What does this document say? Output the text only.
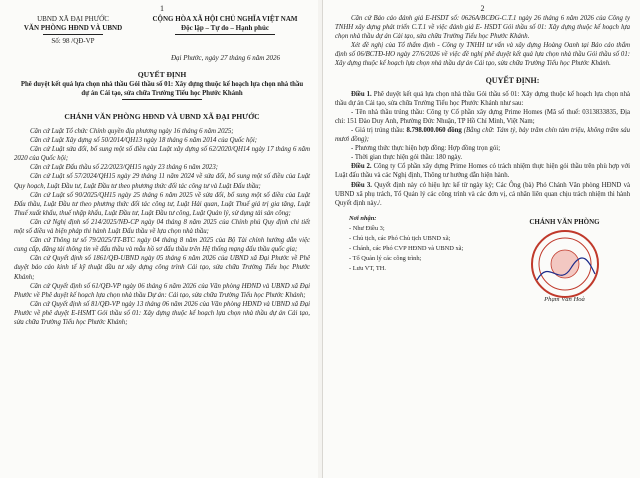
1
UBND XÃ ĐẠI PHƯỚC
VĂN PHÒNG HĐND VÀ UBND
Số: 98 /QĐ-VP
CỘNG HÒA XÃ HỘI CHỦ NGHĨA VIỆT NAM
Độc lập – Tự do – Hạnh phúc
Đại Phước, ngày 27 tháng 6 năm 2026
QUYẾT ĐỊNH
Phê duyệt kết quả lựa chọn nhà thầu Gói thầu số 01: Xây dựng thuộc kế hoạch lựa chọn nhà thầu dự án Cải tạo, sửa chữa Trường Tiểu học Phước Khánh
CHÁNH VĂN PHÒNG HĐND VÀ UBND XÃ ĐẠI PHƯỚC

Căn cứ Luật Tổ chức Chính quyền địa phương ngày 16 tháng 6 năm 2025;

Căn cứ Luật Xây dựng số 50/2014/QH13 ngày 18 tháng 6 năm 2014 của Quốc hội;

Căn cứ Luật sửa đổi, bổ sung một số điều của Luật xây dựng số 62/2020/QH14 ngày 17 tháng 6 năm 2020 của Quốc hội;

Căn cứ Luật Đấu thầu số 22/2023/QH15 ngày 23 tháng 6 năm 2023;

Căn cứ Luật số 57/2024/QH15 ngày 29 tháng 11 năm 2024 về sửa đổi, bổ sung một số điều của Luật Quy hoạch, Luật Đầu tư, Luật Đầu tư theo phương thức đối tác công tư và Luật Đấu thầu;

Căn cứ Luật số 90/2025/QH15 ngày 25 tháng 6 năm 2025 về sửa đổi, bổ sung một số điều của Luật Đấu thầu, Luật Đầu tư theo phương thức đối tác công tư, Luật Hải quan, Luật Thuế giá trị gia tăng, Luật Thuế xuất khẩu, thuế nhập khẩu, Luật Đầu tư, Luật Đầu tư công, Luật Quản lý, sử dụng tài sản công;

Căn cứ Nghị định số 214/2025/NĐ-CP ngày 04 tháng 8 năm 2025 của Chính phủ Quy định chi tiết một số điều và biện pháp thi hành Luật Đấu thầu về lựa chọn nhà thầu;

Căn cứ Thông tư số 79/2025/TT-BTC ngày 04 tháng 8 năm 2025 của Bộ Tài chính hướng dẫn việc cung cấp, đăng tải thông tin về đấu thầu và mẫu hồ sơ đấu thầu trên Hệ thống mạng đấu thầu quốc gia;

Căn cứ Quyết định số 1861/QĐ-UBND ngày 05 tháng 6 năm 2026 của UBND xã Đại Phước về Phê duyệt báo cáo kinh tế kỹ thuật đầu tư xây dựng công trình Cải tạo, sửa chữa Trường Tiểu học Phước Khánh;

Căn cứ Quyết định số 61/QĐ-VP ngày 06 tháng 6 năm 2026 của Văn phòng HĐND và UBND xã Đại Phước về Phê duyệt kế hoạch lựa chọn nhà thầu Dự án: Cải tạo, sửa chữa Trường Tiểu học Phước Khánh;

Căn cứ Quyết định số 81/QĐ-VP ngày 13 tháng 06 năm 2026 của Văn phòng HĐND và UBND xã Đại Phước về phê duyệt E-HSMT Gói thầu số 01: Xây dựng thuộc kế hoạch lựa chọn nhà thầu dự án Cải tạo, sửa chữa Trường Tiểu học Phước Khánh;

2

Căn cứ Báo cáo đánh giá E-HSDT số: 0626A/BCĐG-C.T.1 ngày 26 tháng 6 năm 2026 của Công ty TNHH xây dựng phát triển C.T.1 về việc đánh giá E- HSDT Gói thầu số 01: Xây dựng thuộc kế hoạch lựa chọn nhà thầu dự án Cải tạo, sửa chữa Trường Tiểu học Phước Khánh.

Xét đề nghị của Tổ thẩm định - Công ty TNHH tư vấn và xây dựng Hoàng Oanh tại Báo cáo thẩm định số 06/BCTĐ-HO ngày 27/6/2026 về việc đề nghị phê duyệt kết quả lựa chọn nhà thầu Gói thầu số 01: Xây dựng thuộc kế hoạch lựa chọn nhà thầu dự án Cải tạo, sửa chữa Trường Tiểu học Phước Khánh.

QUYẾT ĐỊNH:

Điều 1. Phê duyệt kết quả lựa chọn nhà thầu Gói thầu số 01: Xây dựng thuộc kế hoạch lựa chọn nhà thầu dự án Cải tạo, sửa chữa Trường Tiểu học Phước Khánh như sau:

- Tên nhà thầu trúng thầu: Công ty Cổ phần xây dựng Prime Homes (Mã số thuế: 0313833835, Địa chỉ: 151 Đào Duy Anh, Phường Đức Nhuận, TP Hồ Chí Minh, Việt Nam;

- Giá trị trúng thầu: 8.798.000.060 đồng (Bằng chữ: Tám tỷ, bảy trăm chín tám triệu, không trăm sáu mươi đồng);

- Phương thức thực hiện hợp đồng: Hợp đồng trọn gói;

- Thời gian thực hiện gói thầu: 180 ngày.

Điều 2. Công ty Cổ phần xây dựng Prime Homes có trách nhiệm thực hiện gói thầu trên phù hợp với Luật đấu thầu và các Nghị định, Thông tư hướng dẫn hiện hành.

Điều 3. Quyết định này có hiệu lực kể từ ngày ký; Các Ông (bà) Phó Chánh Văn phòng HĐND và UBND xã phụ trách, Tổ Quản lý các công trình và các đơn vị, cá nhân liên quan chịu trách nhiệm thi hành Quyết định này./.

Nơi nhận:
- Như Điều 3;
- Chủ tịch, các Phó Chủ tịch UBND xã;
- Chánh, các Phó CVP HĐND và UBND xã;
- Tổ Quản lý các công trình;
- Lưu VT, TH.
CHÁNH VĂN PHÒNG
Phạm Văn Hoà
